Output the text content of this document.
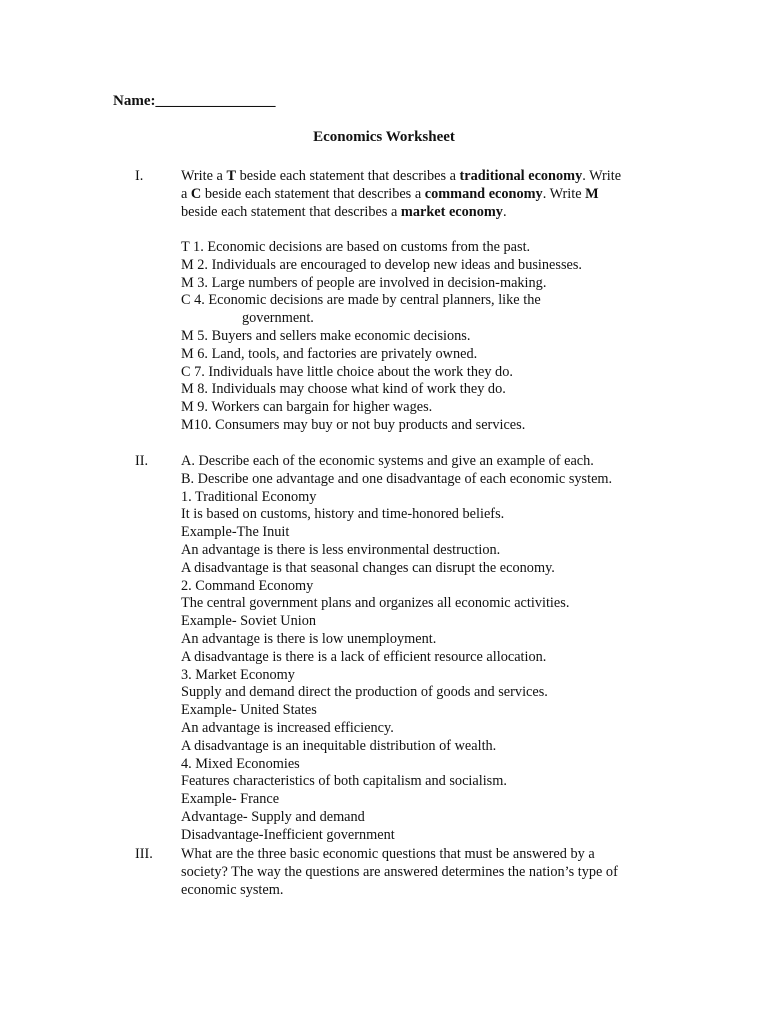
Name:________________
Economics Worksheet
I.	Write a T beside each statement that describes a traditional economy. Write
a C beside each statement that describes a command economy. Write M
beside each statement that describes a market economy.
T 1. Economic decisions are based on customs from the past.
M 2. Individuals are encouraged to develop new ideas and businesses.
M 3. Large numbers of people are involved in decision-making.
C 4. Economic decisions are made by central planners, like the
government.
M 5. Buyers and sellers make economic decisions.
M 6. Land, tools, and factories are privately owned.
C 7. Individuals have little choice about the work they do.
M 8. Individuals may choose what kind of work they do.
M 9. Workers can bargain for higher wages.
M10. Consumers may buy or not buy products and services.
II. A. Describe each of the economic systems and give an example of each.
B. Describe one advantage and one disadvantage of each economic system.
1. Traditional Economy
It is based on customs, history and time-honored beliefs.
Example-The Inuit
An advantage is there is less environmental destruction.
A disadvantage is that seasonal changes can disrupt the economy.
2. Command Economy
The central government plans and organizes all economic activities.
Example- Soviet Union
An advantage is there is low unemployment.
A disadvantage is there is a lack of efficient resource allocation.
3. Market Economy
Supply and demand direct the production of goods and services.
Example- United States
An advantage is increased efficiency.
A disadvantage is an inequitable distribution of wealth.
4. Mixed Economies
Features characteristics of both capitalism and socialism.
Example- France
Advantage- Supply and demand
Disadvantage-Inefficient government
III. What are the three basic economic questions that must be answered by a
society? The way the questions are answered determines the nation’s type of
economic system.
